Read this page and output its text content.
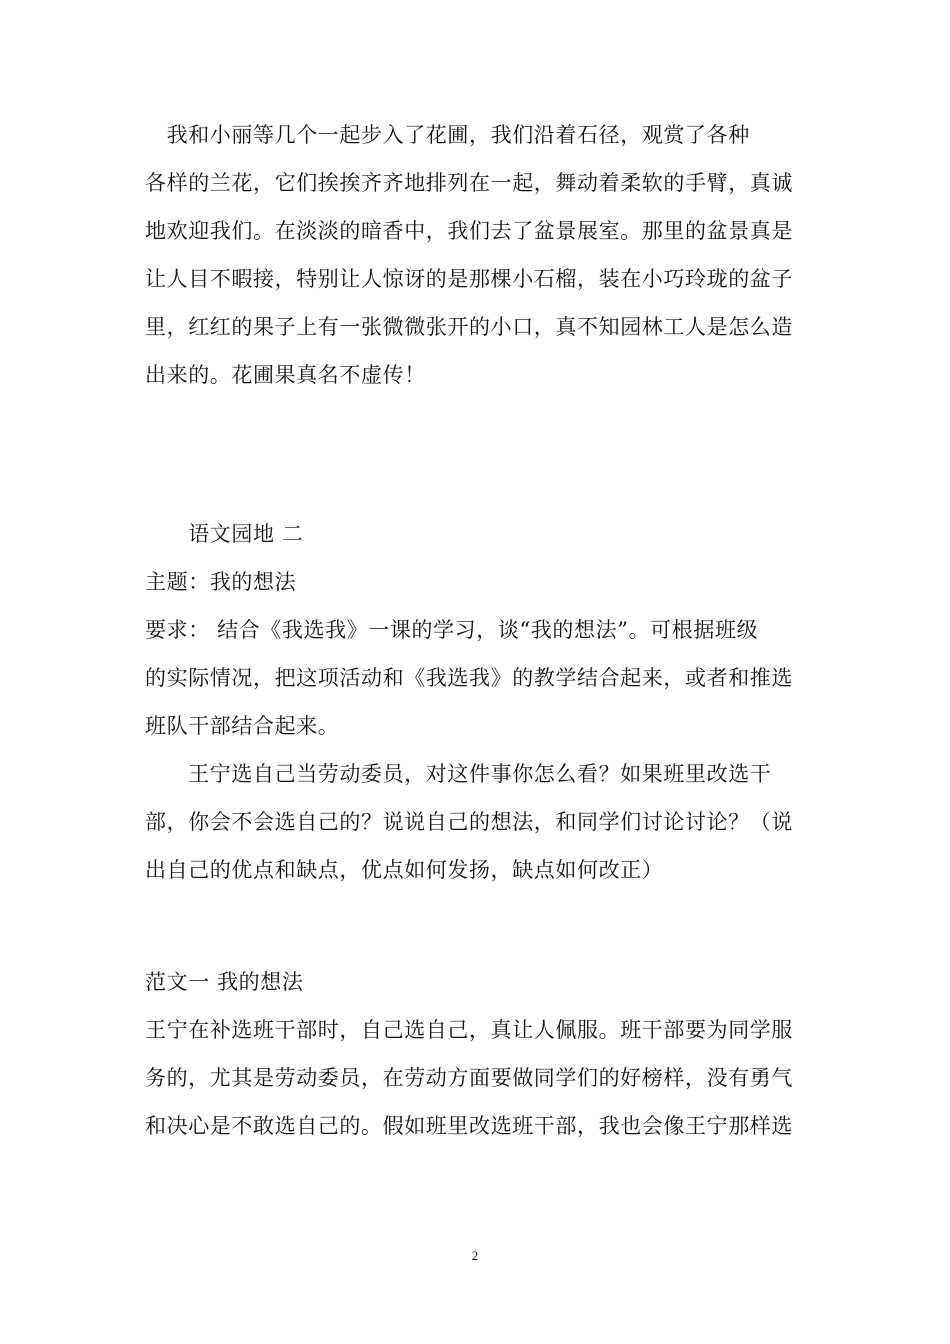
　我和小丽等几个一起步入了花圃，我们沿着石径，观赏了各种
各样的兰花，它们挨挨齐齐地排列在一起，舞动着柔软的手臂，真诚
地欢迎我们。在淡淡的暗香中，我们去了盆景展室。那里的盆景真是
让人目不暇接，特别让人惊讶的是那棵小石榴，装在小巧玲珑的盆子
里，红红的果子上有一张微微张开的小口，真不知园林工人是怎么造
出来的。花圃果真名不虚传！
　　语文园地 二
主题：我的想法
要求： 结合《我选我》一课的学习，谈“我的想法”。可根据班级
的实际情况，把这项活动和《我选我》的教学结合起来，或者和推选
班队干部结合起来。
　　王宁选自己当劳动委员，对这件事你怎么看？如果班里改选干
部，你会不会选自己的？说说自己的想法，和同学们讨论讨论？（说
出自己的优点和缺点，优点如何发扬，缺点如何改正）
范文一 我的想法
王宁在补选班干部时，自己选自己，真让人佩服。班干部要为同学服
务的，尤其是劳动委员，在劳动方面要做同学们的好榜样，没有勇气
和决心是不敢选自己的。假如班里改选班干部，我也会像王宁那样选
2
